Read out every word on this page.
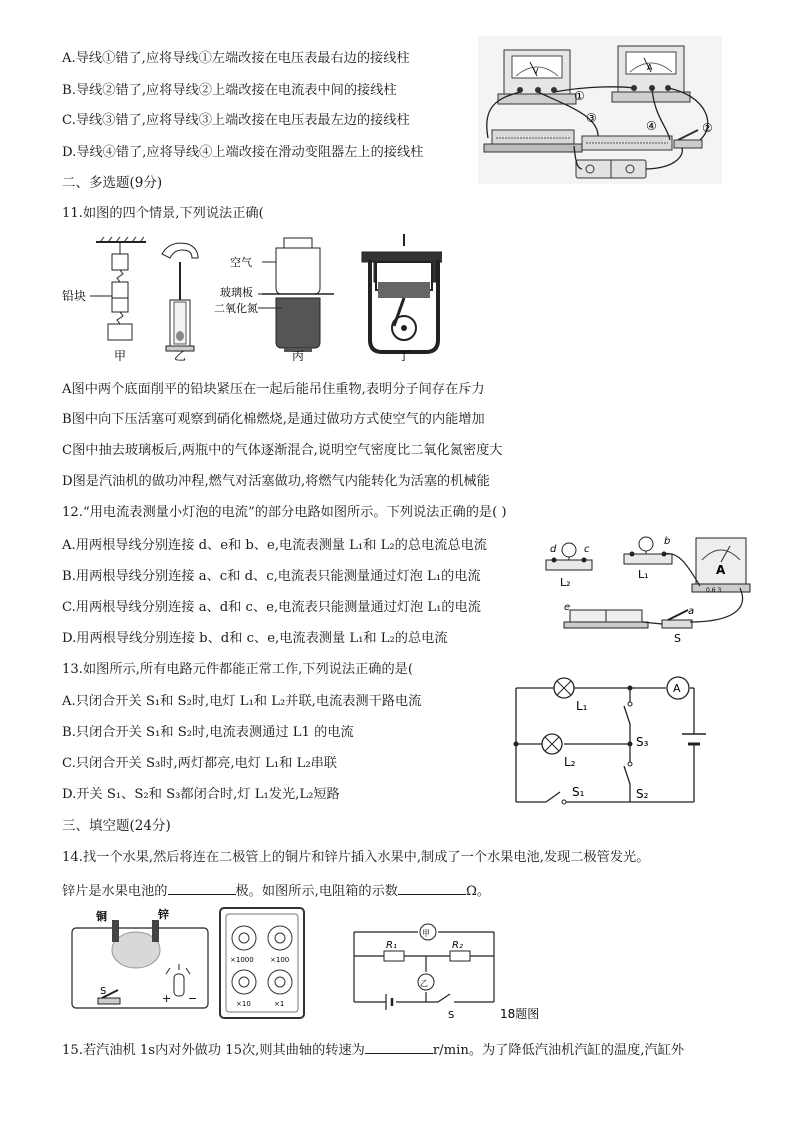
A.导线①错了,应将导线①左端改接在电压表最右边的接线柱
B.导线②错了,应将导线②上端改接在电流表中间的接线柱
C.导线③错了,应将导线③上端改接在电压表最左边的接线柱
D.导线④错了,应将导线④上端改接在滑动变阻器左上的接线柱
V	A
①
②
③
④
二、多选题(9分)
11.如图的四个情景,下列说法正确(
铅块
甲	乙
空气
玻璃板
二氧化氮
丙	丁
A图中两个底面削平的铅块紧压在一起后能吊住重物,表明分子间存在斥力
B图中向下压活塞可观察到硝化棉燃烧,是通过做功方式使空气的内能增加
C图中抽去玻璃板后,两瓶中的气体逐渐混合,说明空气密度比二氧化氮密度大
D图是汽油机的做功冲程,燃气对活塞做功,将燃气内能转化为活塞的机械能
12.“用电流表测量小灯泡的电流”的部分电路如图所示。下列说法正确的是( )
A.用两根导线分别连接 d、e和 b、e,电流表测量 L₁和 L₂的总电流总电流
B.用两根导线分别连接 a、c和 d、c,电流表只能测量通过灯泡 L₁的电流
C.用两根导线分别连接 a、d和 c、e,电流表只能测量通过灯泡 L₁的电流
D.用两根导线分别连接 b、d和 c、e,电流表测量 L₁和 L₂的总电流
d	c
L₂
b
L₁	A
0.6 3
e	a
S
13.如图所示,所有电路元件都能正常工作,下列说法正确的是(
A.只闭合开关 S₁和 S₂时,电灯 L₁和 L₂并联,电流表测干路电流
B.只闭合开关 S₁和 S₂时,电流表测通过 L1 的电流
C.只闭合开关 S₃时,两灯都亮,电灯 L₁和 L₂串联
D.开关 S₁、S₂和 S₃都闭合时,灯 L₁发光,L₂短路
A
L₁
L₂
S₃
S₂
S₁
三、填空题(24分)
14.找一个水果,然后将连在二极管上的铜片和锌片插入水果中,制成了一个水果电池,发现二极管发光。
锌片是水果电池的	极。如图所示,电阻箱的示数	Ω。
铜	锌
S
+ −
×1000 ×100
×10	×1
甲
乙
R₁	R₂
S	18题图
15.若汽油机 1s内对外做功 15次,则其曲轴的转速为	r/min。为了降低汽油机汽缸的温度,汽缸外
